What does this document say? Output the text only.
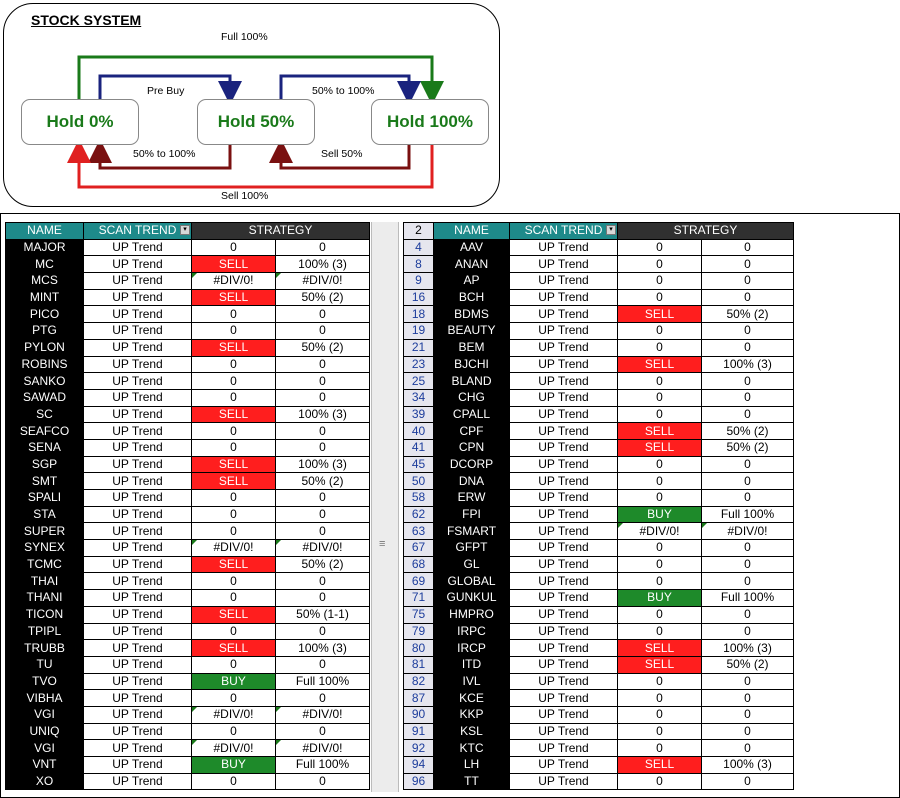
STOCK SYSTEM
Hold 0%	Hold 50%	Hold 100%
Full 100%
Pre Buy	50% to 100%
50% to 100%	Sell 50%
Sell 100%
≡
NAME	SCAN TREND ▾	STRATEGY	
MAJOR	UP Trend	0	0
MC	UP Trend	SELL	100% (3)
MCS	UP Trend	#DIV/0!	#DIV/0!
MINT	UP Trend	SELL	50% (2)
PICO	UP Trend	0	0
PTG	UP Trend	0	0
PYLON	UP Trend	SELL	50% (2)
ROBINS	UP Trend	0	0
SANKO	UP Trend	0	0
SAWAD	UP Trend	0	0
SC	UP Trend	SELL	100% (3)
SEAFCO	UP Trend	0	0
SENA	UP Trend	0	0
SGP	UP Trend	SELL	100% (3)
SMT	UP Trend	SELL	50% (2)
SPALI	UP Trend	0	0
STA	UP Trend	0	0
SUPER	UP Trend	0	0
SYNEX	UP Trend	#DIV/0!	#DIV/0!
TCMC	UP Trend	SELL	50% (2)
THAI	UP Trend	0	0
THANI	UP Trend	0	0
TICON	UP Trend	SELL	50% (1-1)
TPIPL	UP Trend	0	0
TRUBB	UP Trend	SELL	100% (3)
TU	UP Trend	0	0
TVO	UP Trend	BUY	Full 100%
VIBHA	UP Trend	0	0
VGI	UP Trend	#DIV/0!	#DIV/0!
UNIQ	UP Trend	0	0
VGI	UP Trend	#DIV/0!	#DIV/0!
VNT	UP Trend	BUY	Full 100%
XO	UP Trend	0	0
2	NAME	SCAN TREND ▾	STRATEGY	
4	AAV	UP Trend	0	0
8	ANAN	UP Trend	0	0
9	AP	UP Trend	0	0
16	BCH	UP Trend	0	0
18	BDMS	UP Trend	SELL	50% (2)
19	BEAUTY	UP Trend	0	0
21	BEM	UP Trend	0	0
23	BJCHI	UP Trend	SELL	100% (3)
25	BLAND	UP Trend	0	0
34	CHG	UP Trend	0	0
39	CPALL	UP Trend	0	0
40	CPF	UP Trend	SELL	50% (2)
41	CPN	UP Trend	SELL	50% (2)
45	DCORP	UP Trend	0	0
50	DNA	UP Trend	0	0
58	ERW	UP Trend	0	0
62	FPI	UP Trend	BUY	Full 100%
63	FSMART	UP Trend	#DIV/0!	#DIV/0!
67	GFPT	UP Trend	0	0
68	GL	UP Trend	0	0
69	GLOBAL	UP Trend	0	0
71	GUNKUL	UP Trend	BUY	Full 100%
75	HMPRO	UP Trend	0	0
79	IRPC	UP Trend	0	0
80	IRCP	UP Trend	SELL	100% (3)
81	ITD	UP Trend	SELL	50% (2)
82	IVL	UP Trend	0	0
87	KCE	UP Trend	0	0
90	KKP	UP Trend	0	0
91	KSL	UP Trend	0	0
92	KTC	UP Trend	0	0
94	LH	UP Trend	SELL	100% (3)
96	TT	UP Trend	0	0
